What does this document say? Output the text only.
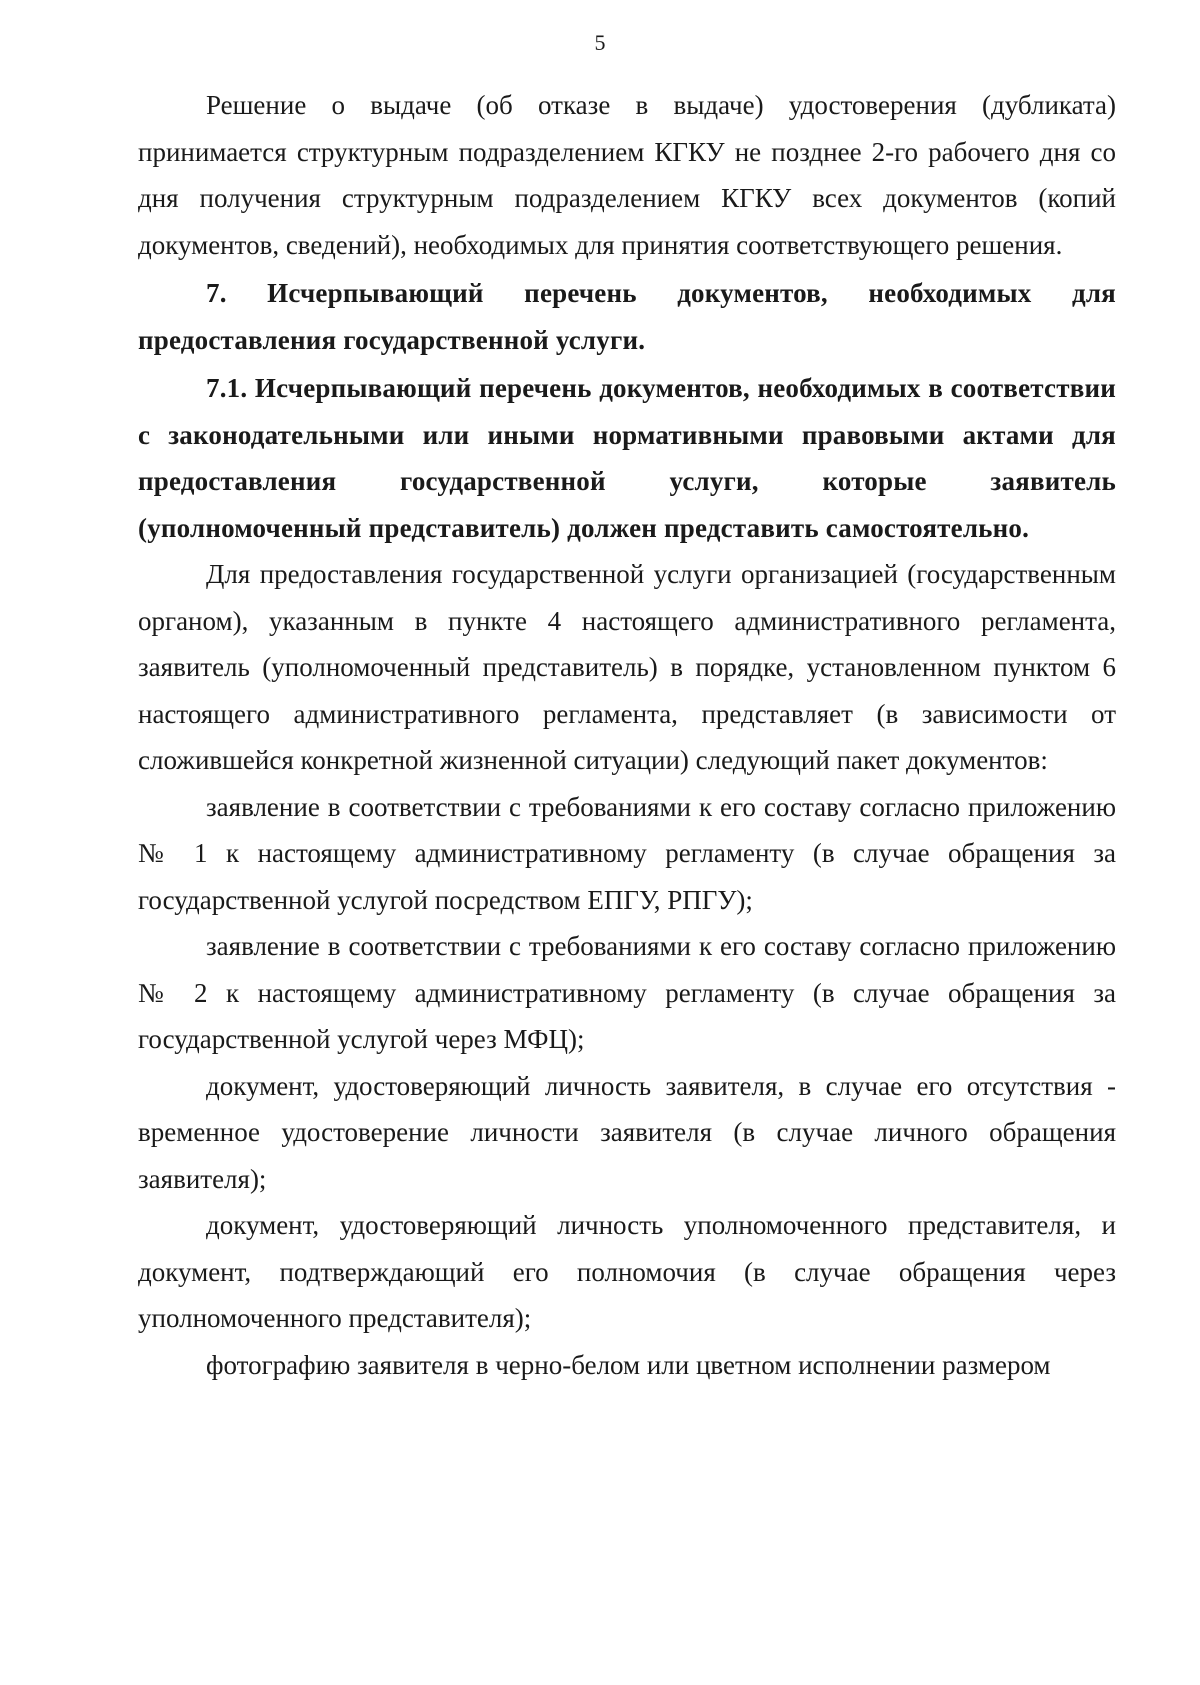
5

Решение о выдаче (об отказе в выдаче) удостоверения (дубликата) принимается структурным подразделением КГКУ не позднее 2-го рабочего дня со дня получения структурным подразделением КГКУ всех документов (копий документов, сведений), необходимых для принятия соответствующего решения.

7. Исчерпывающий перечень документов, необходимых для предоставления государственной услуги.

7.1. Исчерпывающий перечень документов, необходимых в соответствии с законодательными или иными нормативными правовыми актами для предоставления государственной услуги, которые заявитель (уполномоченный представитель) должен представить самостоятельно.

Для предоставления государственной услуги организацией (государственным органом), указанным в пункте 4 настоящего административного регламента, заявитель (уполномоченный представитель) в порядке, установленном пунктом 6 настоящего административного регламента, представляет (в зависимости от сложившейся конкретной жизненной ситуации) следующий пакет документов:

заявление в соответствии с требованиями к его составу согласно приложению № 1 к настоящему административному регламенту (в случае обращения за государственной услугой посредством ЕПГУ, РПГУ);

заявление в соответствии с требованиями к его составу согласно приложению № 2 к настоящему административному регламенту (в случае обращения за государственной услугой через МФЦ);

документ, удостоверяющий личность заявителя, в случае его отсутствия - временное удостоверение личности заявителя (в случае личного обращения заявителя);

документ, удостоверяющий личность уполномоченного представителя, и документ, подтверждающий его полномочия (в случае обращения через уполномоченного представителя);

фотографию заявителя в черно-белом или цветном исполнении размером
